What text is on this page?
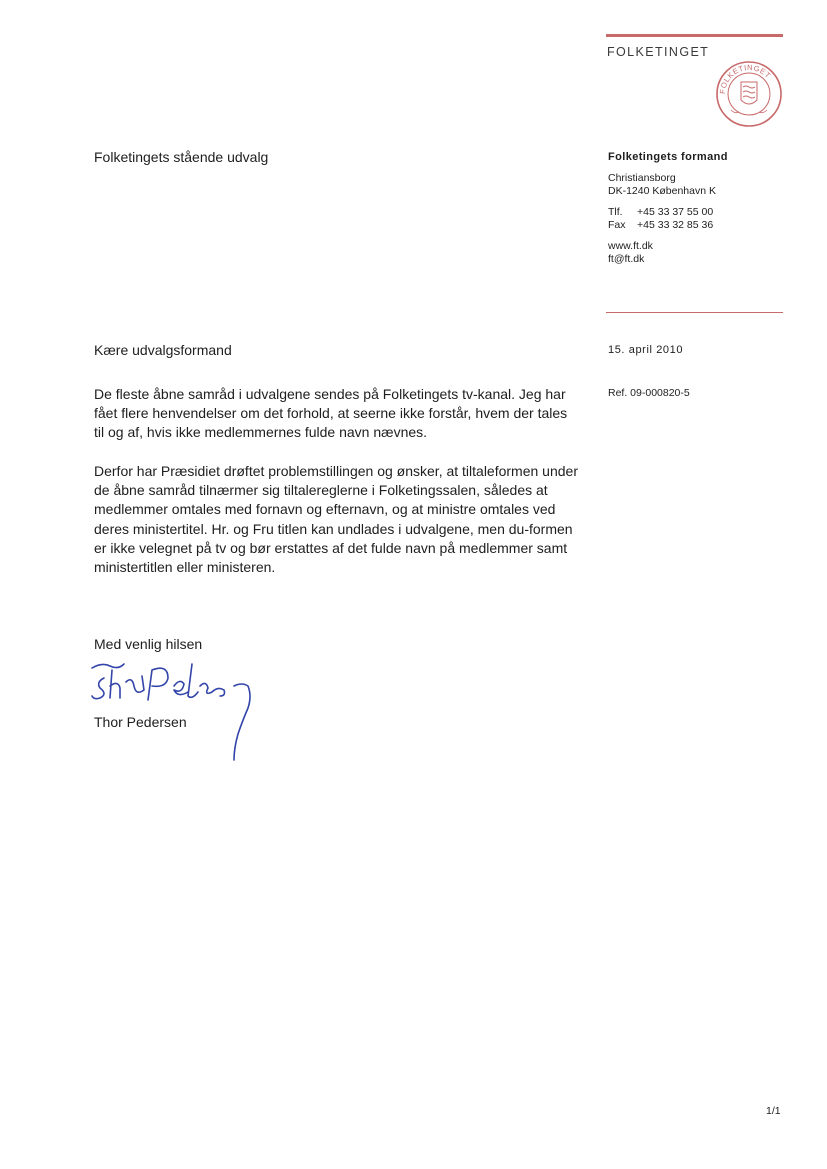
FOLKETINGET
FOLKETINGET
Folketingets stående udvalg	Folketingets formand
Christiansborg
DK-1240 København K
Tlf. +45 33 37 55 00
Fax +45 33 32 85 36
www.ft.dk
ft@ft.dk
15. april 2010
Ref. 09-000820-5
Kære udvalgsformand
De fleste åbne samråd i udvalgene sendes på Folketingets tv-kanal. Jeg har
fået flere henvendelser om det forhold, at seerne ikke forstår, hvem der tales
til og af, hvis ikke medlemmernes fulde navn nævnes.
Derfor har Præsidiet drøftet problemstillingen og ønsker, at tiltaleformen under
de åbne samråd tilnærmer sig tiltalereglerne i Folketingssalen, således at
medlemmer omtales med fornavn og efternavn, og at ministre omtales ved
deres ministertitel. Hr. og Fru titlen kan undlades i udvalgene, men du-formen
er ikke velegnet på tv og bør erstattes af det fulde navn på medlemmer samt
ministertitlen eller ministeren.
Med venlig hilsen
Thor Pedersen
1/1
